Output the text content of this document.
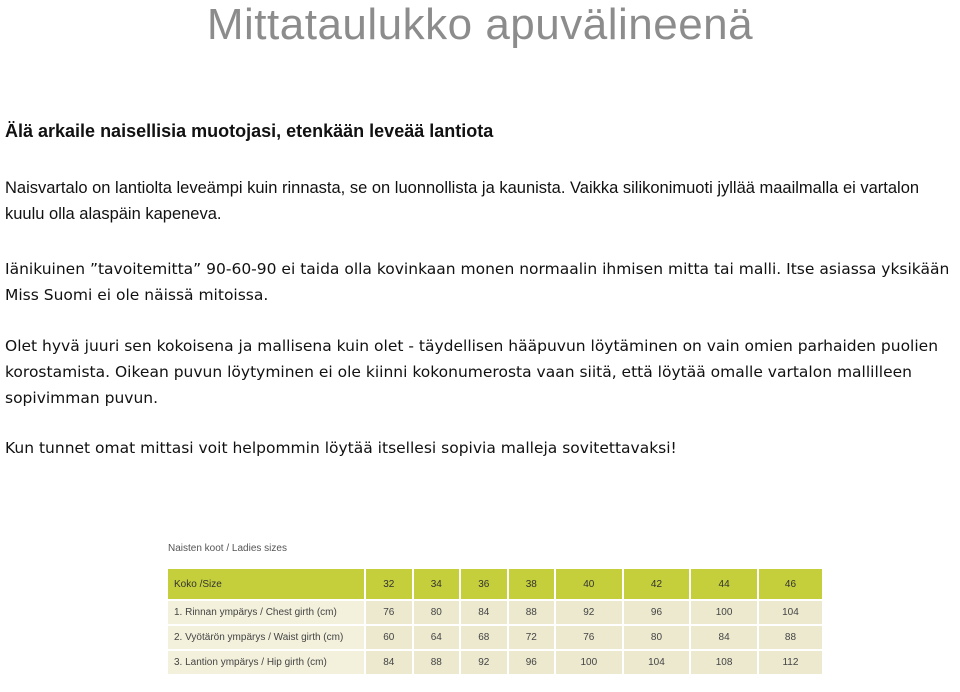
Mittataulukko apuvälineenä
Älä arkaile naisellisia muotojasi, etenkään leveää lantiota
Naisvartalo on lantiolta leveämpi kuin rinnasta, se on luonnollista ja kaunista. Vaikka silikonimuoti jyllää maailmalla ei vartalon kuulu olla alaspäin kapeneva.
Iänikuinen ”tavoitemitta” 90-60-90 ei taida olla kovinkaan monen normaalin ihmisen mitta tai malli. Itse asiassa yksikään Miss Suomi ei ole näissä mitoissa.
Olet hyvä juuri sen kokoisena ja mallisena kuin olet - täydellisen hääpuvun löytäminen on vain omien parhaiden puolien korostamista. Oikean puvun löytyminen ei ole kiinni kokonumerosta vaan siitä, että löytää omalle vartalon mallilleen sopivimman puvun.
Kun tunnet omat mittasi voit helpommin löytää itsellesi sopivia malleja sovitettavaksi!
Naisten koot / Ladies sizes
Koko /Size	32	34	36	38	40	42	44	46
1. Rinnan ympärys / Chest girth (cm)	76	80	84	88	92	96	100	104
2. Vyötärön ympärys / Waist girth (cm)	60	64	68	72	76	80	84	88
3. Lantion ympärys / Hip girth (cm)	84	88	92	96	100	104	108	112
